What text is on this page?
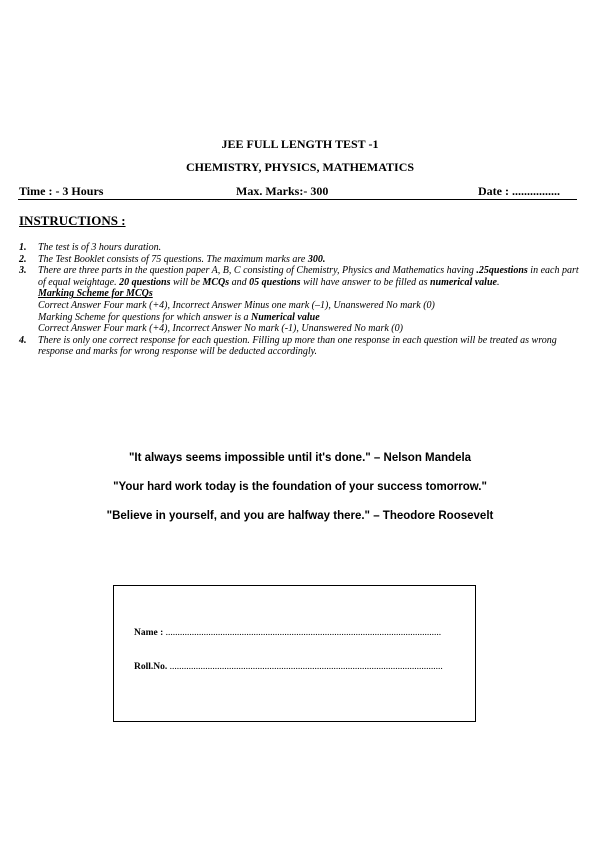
JEE FULL LENGTH TEST -1
CHEMISTRY, PHYSICS, MATHEMATICS
Time : - 3 Hours	Max. Marks:- 300	Date : ................
INSTRUCTIONS :
1.	The test is of 3 hours duration.
2.	The Test Booklet consists of 75 questions. The maximum marks are 300.
3.	There are three parts in the question paper A, B, C consisting of Chemistry, Physics and Mathematics having .25questions in each part of equal weightage. 20 questions will be MCQs and 05 questions will have answer to be filled as numerical value.
Marking Scheme for MCQs
Correct Answer Four mark (+4), Incorrect Answer Minus one mark (–1), Unanswered No mark (0)
Marking Scheme for questions for which answer is a Numerical value
Correct Answer Four mark (+4), Incorrect Answer No mark (-1), Unanswered No mark (0)
4.	There is only one correct response for each question. Filling up more than one response in each question will be treated as wrong response and marks for wrong response will be deducted accordingly.
"It always seems impossible until it's done." – Nelson Mandela
"Your hard work today is the foundation of your success tomorrow."
"Believe in yourself, and you are halfway there." – Theodore Roosevelt
Name : ....................................................................................................................
Roll.No. ...................................................................................................................
